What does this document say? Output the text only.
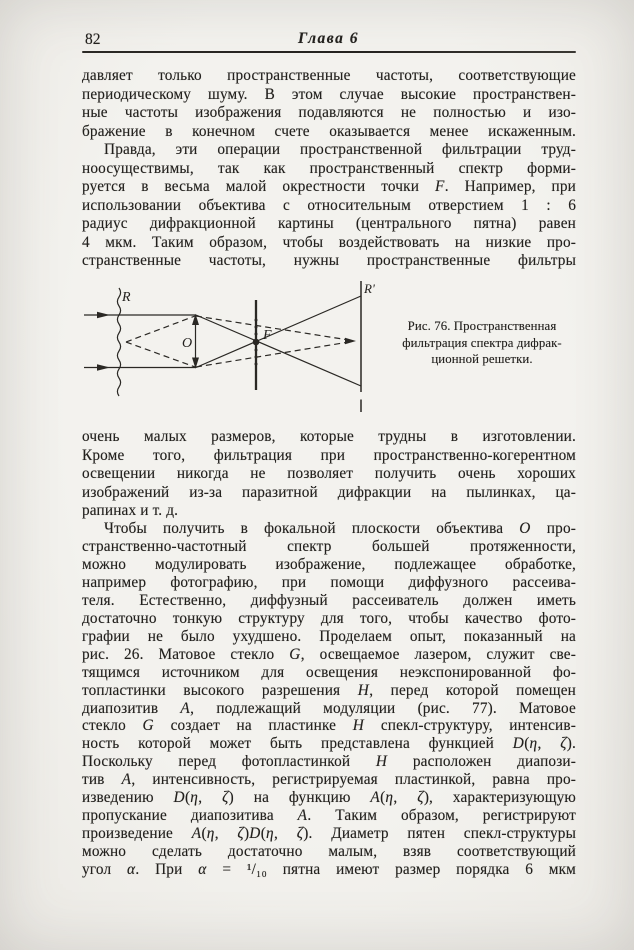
82	Глава 6
давляет только пространственные частоты, соответствующие
периодическому шуму. В этом случае высокие пространствен-
ные частоты изображения подавляются не полностью и изо-
бражение в конечном счете оказывается менее искаженным.
Правда, эти операции пространственной фильтрации труд-
ноосуществимы, так как пространственный спектр форми-
руется в весьма малой окрестности точки F. Например, при
использовании объектива с относительным отверстием 1 : 6
радиус дифракционной картины (центрального пятна) равен
4 мкм. Таким образом, чтобы воздействовать на низкие про-
странственные частоты, нужны пространственные фильтры
очень малых размеров, которые трудны в изготовлении.
Кроме того, фильтрация при пространственно-когерентном
освещении никогда не позволяет получить очень хороших
изображений из-за паразитной дифракции на пылинках, ца-
рапинах и т. д.
Чтобы получить в фокальной плоскости объектива O про-
странственно-частотный спектр большей протяженности,
можно модулировать изображение, подлежащее обработке,
например фотографию, при помощи диффузного рассеива-
теля. Естественно, диффузный рассеиватель должен иметь
достаточно тонкую структуру для того, чтобы качество фото-
графии не было ухудшено. Проделаем опыт, показанный на
рис. 26. Матовое стекло G, освещаемое лазером, служит све-
тящимся источником для освещения неэкспонированной фо-
топластинки высокого разрешения H, перед которой помещен
диапозитив A, подлежащий модуляции (рис. 77). Матовое
стекло G создает на пластинке H спекл-структуру, интенсив-
ность которой может быть представлена функцией D(η, ζ).
Поскольку перед фотопластинкой H расположен диапози-
тив A, интенсивность, регистрируемая пластинкой, равна про-
изведению D(η, ζ) на функцию A(η, ζ), характеризующую
пропускание диапозитива A. Таким образом, регистрируют
произведение A(η, ζ)D(η, ζ). Диаметр пятен спекл-структуры
можно сделать достаточно малым, взяв соответствующий
угол α. При α = ¹/₁₀ пятна имеют размер порядка 6 мкм
R
O
F
R'
Рис. 76. Пространственная
фильтрация спектра дифрак-
ционной решетки.
